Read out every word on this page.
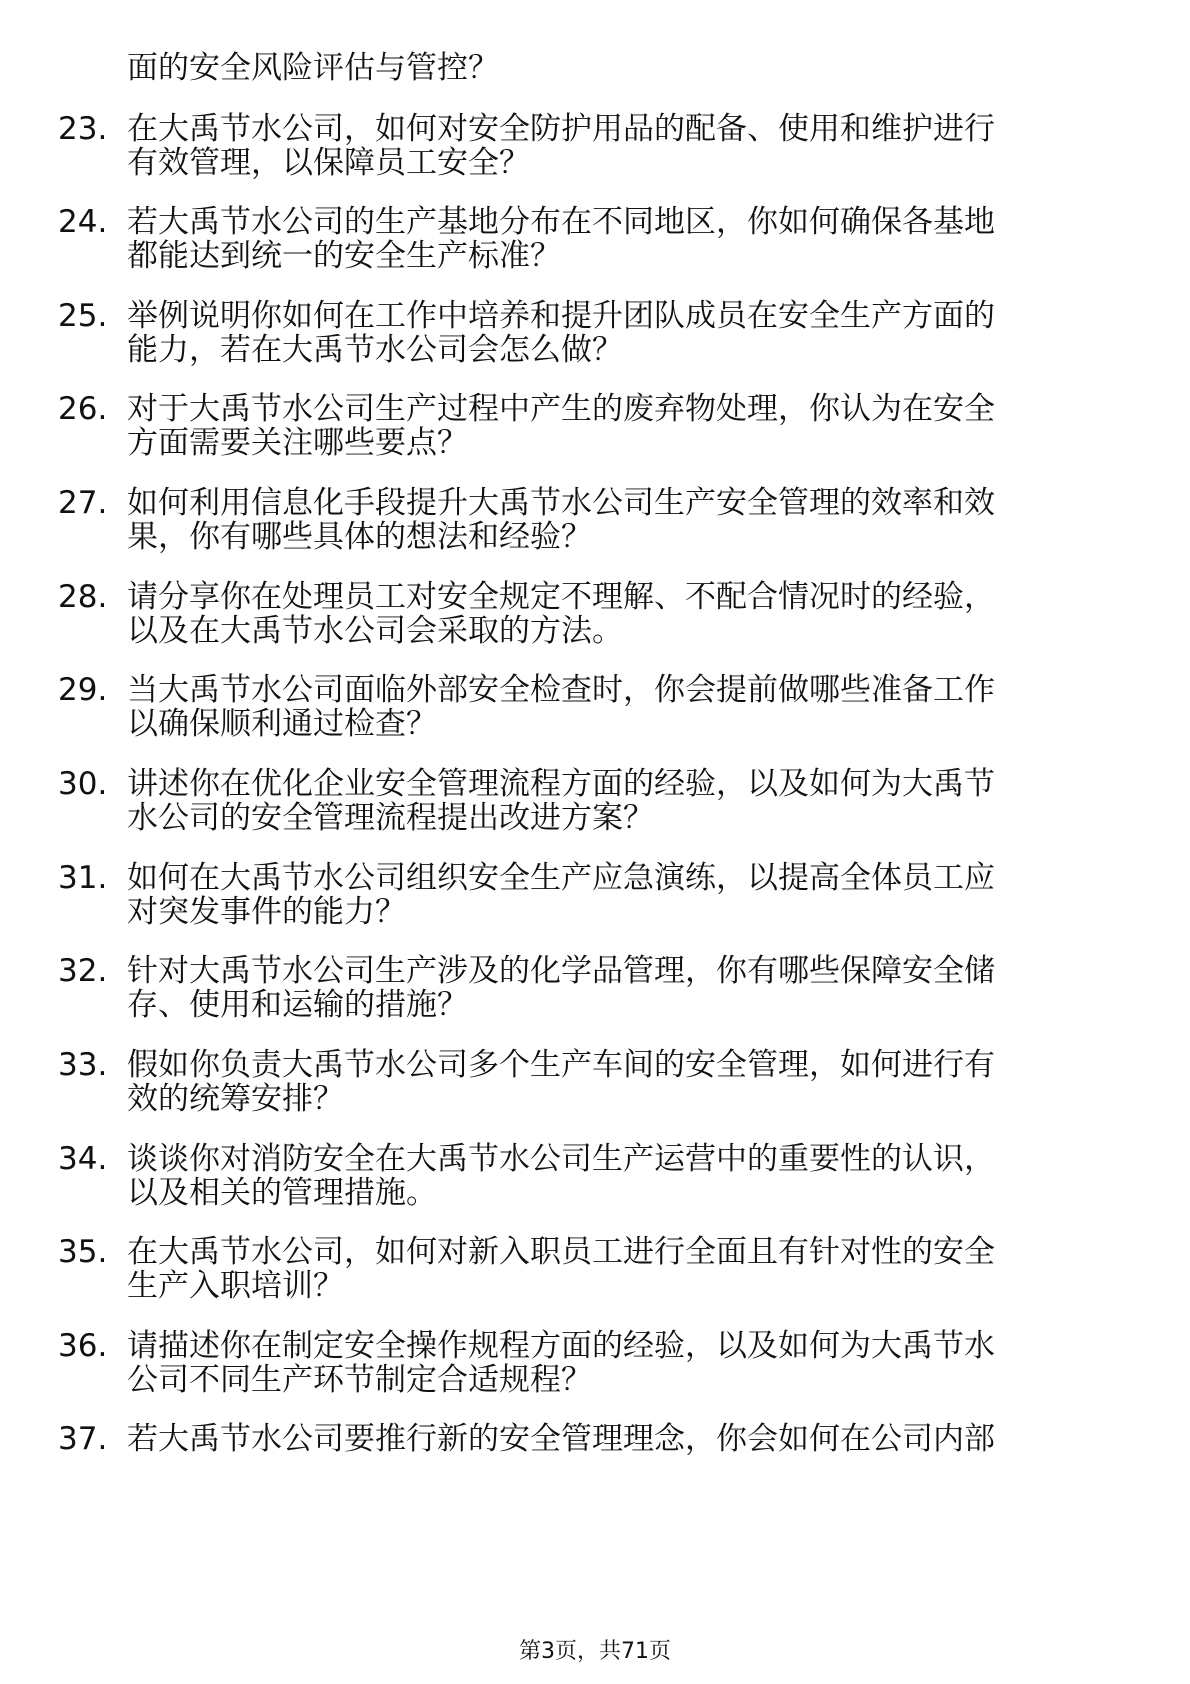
面的安全风险评估与管控？
23. 在大禹节水公司，如何对安全防护用品的配备、使用和维护进行
有效管理，以保障员工安全？
24. 若大禹节水公司的生产基地分布在不同地区，你如何确保各基地
都能达到统一的安全生产标准？
25. 举例说明你如何在工作中培养和提升团队成员在安全生产方面的
能力，若在大禹节水公司会怎么做？
26. 对于大禹节水公司生产过程中产生的废弃物处理，你认为在安全
方面需要关注哪些要点？
27. 如何利用信息化手段提升大禹节水公司生产安全管理的效率和效
果，你有哪些具体的想法和经验？
28. 请分享你在处理员工对安全规定不理解、不配合情况时的经验，
以及在大禹节水公司会采取的方法。
29. 当大禹节水公司面临外部安全检查时，你会提前做哪些准备工作
以确保顺利通过检查？
30. 讲述你在优化企业安全管理流程方面的经验，以及如何为大禹节
水公司的安全管理流程提出改进方案？
31. 如何在大禹节水公司组织安全生产应急演练，以提高全体员工应
对突发事件的能力？
32. 针对大禹节水公司生产涉及的化学品管理，你有哪些保障安全储
存、使用和运输的措施？
33. 假如你负责大禹节水公司多个生产车间的安全管理，如何进行有
效的统筹安排？
34. 谈谈你对消防安全在大禹节水公司生产运营中的重要性的认识，
以及相关的管理措施。
35. 在大禹节水公司，如何对新入职员工进行全面且有针对性的安全
生产入职培训？
36. 请描述你在制定安全操作规程方面的经验，以及如何为大禹节水
公司不同生产环节制定合适规程？
37. 若大禹节水公司要推行新的安全管理理念，你会如何在公司内部
第3页，共71页
